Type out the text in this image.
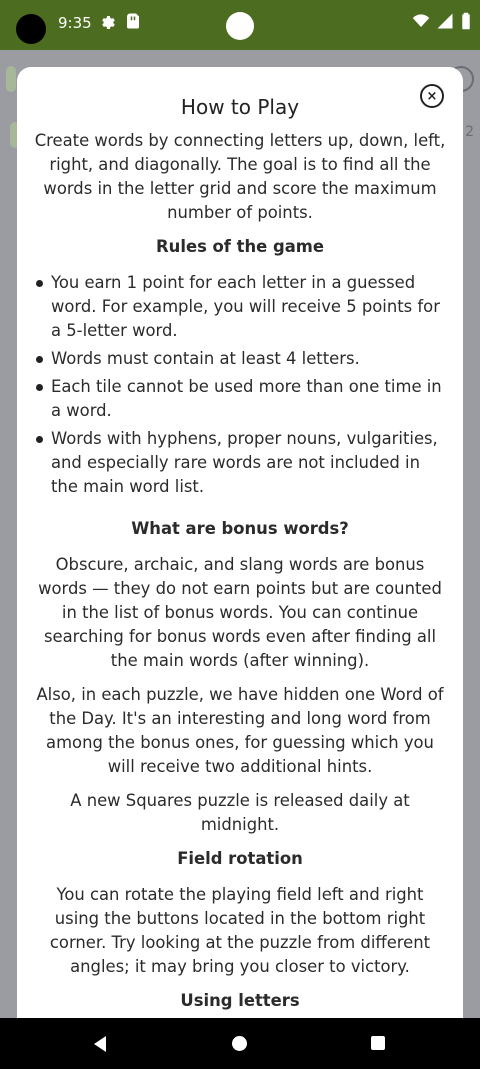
9:35
2
×
How to Play

Create words by connecting letters up, down, left, right, and diagonally. The goal is to find all the words in the letter grid and score the maximum number of points.

Rules of the game
You earn 1 point for each letter in a guessed word. For example, you will receive 5 points for a 5-letter word.
Words must contain at least 4 letters.
Each tile cannot be used more than one time in a word.
Words with hyphens, proper nouns, vulgarities, and especially rare words are not included in the main word list.
What are bonus words?

Obscure, archaic, and slang words are bonus words — they do not earn points but are counted in the list of bonus words. You can continue searching for bonus words even after finding all the main words (after winning).

Also, in each puzzle, we have hidden one Word of the Day. It's an interesting and long word from among the bonus ones, for guessing which you will receive two additional hints.

A new Squares puzzle is released daily at midnight.

Field rotation

You can rotate the playing field left and right using the buttons located in the bottom right corner. Try looking at the puzzle from different angles; it may bring you closer to victory.

Using letters
